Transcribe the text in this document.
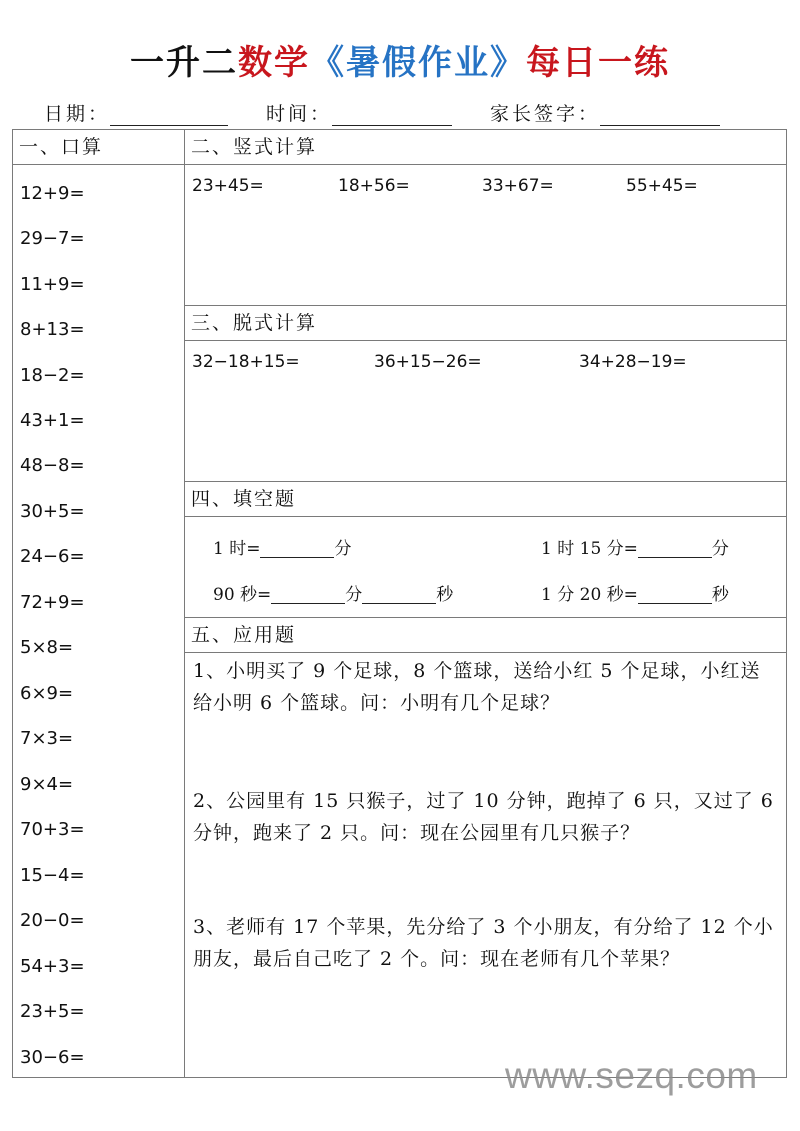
一升二数学《暑假作业》每日一练
日期：	时间：	家长签字：
一、口算
12+9=
29−7=
11+9=
8+13=
18−2=
43+1=
48−8=
30+5=
24−6=
72+9=
5×8=
6×9=
7×3=
9×4=
70+3=
15−4=
20−0=
54+3=
23+5=
30−6=
二、竖式计算
23+45=	18+56=	33+67=	55+45=
三、脱式计算
32−18+15=	36+15−26=	34+28−19=
四、填空题
1 时=	分	1 时 15 分=	分
90 秒=	分	秒	1 分 20 秒=	秒
五、应用题
1、小明买了 9 个足球，8 个篮球，送给小红 5 个足球，小红送给小明 6 个篮球。问：小明有几个足球？
2、公园里有 15 只猴子，过了 10 分钟，跑掉了 6 只，又过了 6 分钟，跑来了 2 只。问：现在公园里有几只猴子？
3、老师有 17 个苹果，先分给了 3 个小朋友，有分给了 12 个小朋友，最后自己吃了 2 个。问：现在老师有几个苹果？
www.sezq.com
